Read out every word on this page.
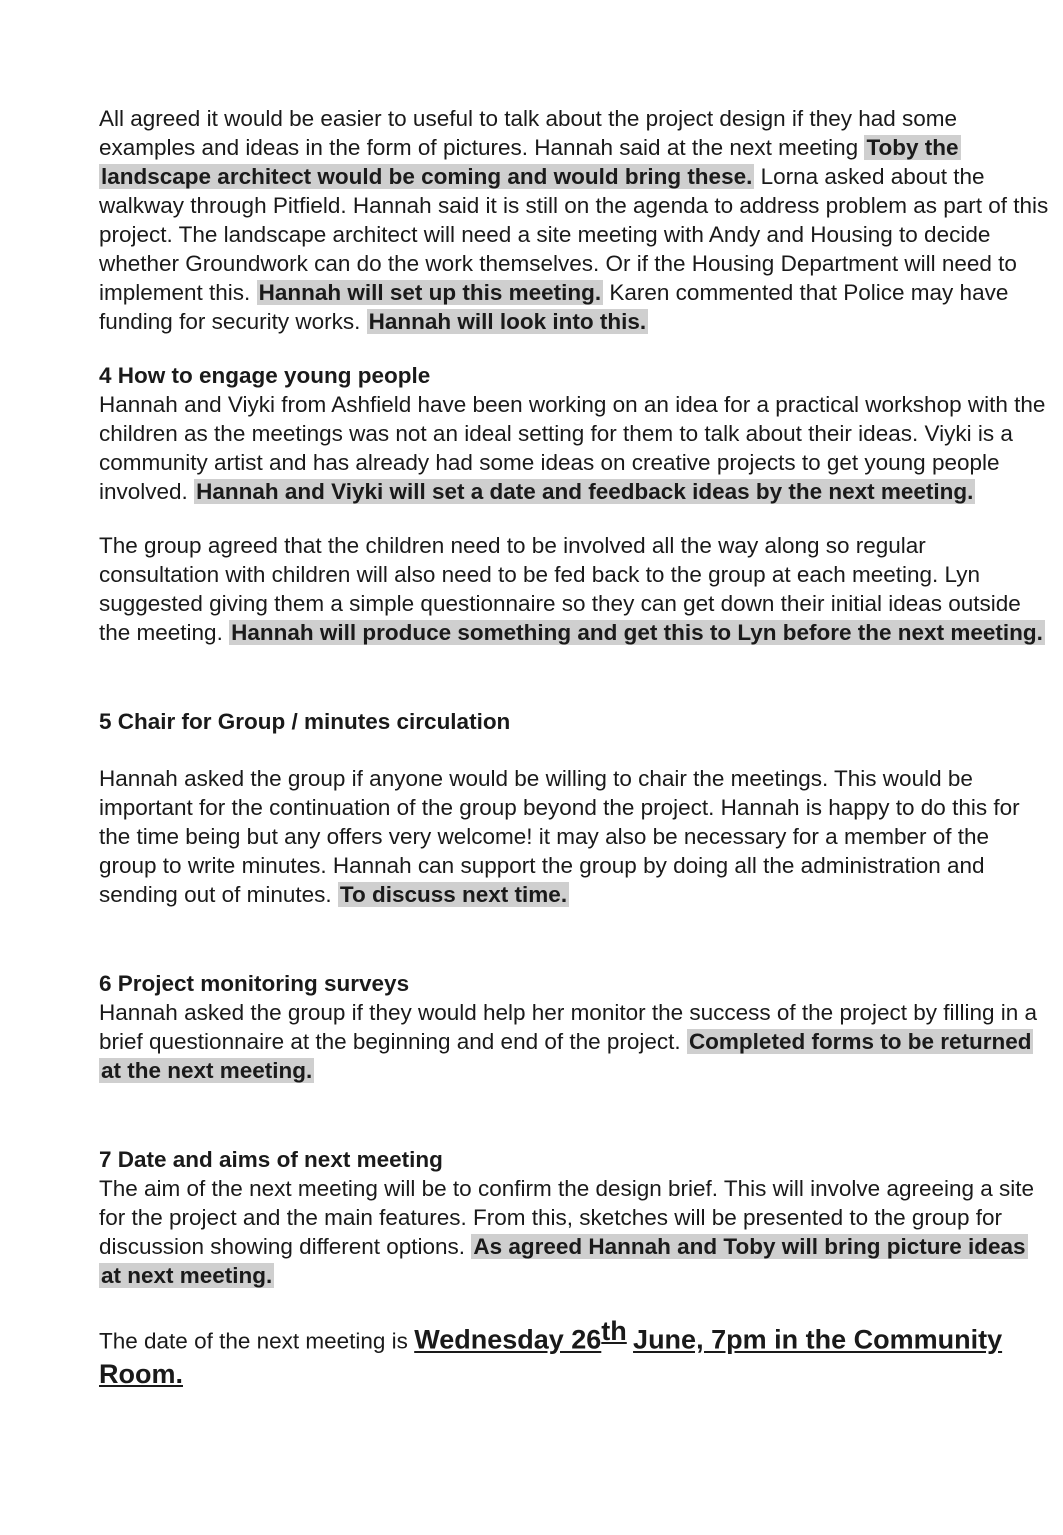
All agreed it would be easier to useful to talk about the project design if they had some examples and ideas in the form of pictures. Hannah said at the next meeting Toby the landscape architect would be coming and would bring these. Lorna asked about the walkway through Pitfield. Hannah said it is still on the agenda to address problem as part of this project. The landscape architect will need a site meeting with Andy and Housing to decide whether Groundwork can do the work themselves. Or if the Housing Department will need to implement this. Hannah will set up this meeting. Karen commented that Police may have funding for security works. Hannah will look into this.

4 How to engage young people

Hannah and Viyki from Ashfield have been working on an idea for a practical workshop with the children as the meetings was not an ideal setting for them to talk about their ideas. Viyki is a community artist and has already had some ideas on creative projects to get young people involved. Hannah and Viyki will set a date and feedback ideas by the next meeting.

The group agreed that the children need to be involved all the way along so regular consultation with children will also need to be fed back to the group at each meeting. Lyn suggested giving them a simple questionnaire so they can get down their initial ideas outside the meeting. Hannah will produce something and get this to Lyn before the next meeting.

5 Chair for Group / minutes circulation

Hannah asked the group if anyone would be willing to chair the meetings. This would be important for the continuation of the group beyond the project. Hannah is happy to do this for the time being but any offers very welcome! it may also be necessary for a member of the group to write minutes. Hannah can support the group by doing all the administration and sending out of minutes. To discuss next time.

6 Project monitoring surveys

Hannah asked the group if they would help her monitor the success of the project by filling in a brief questionnaire at the beginning and end of the project. Completed forms to be returned at the next meeting.

7 Date and aims of next meeting

The aim of the next meeting will be to confirm the design brief. This will involve agreeing a site for the project and the main features. From this, sketches will be presented to the group for discussion showing different options. As agreed Hannah and Toby will bring picture ideas at next meeting.

The date of the next meeting is Wednesday 26th June, 7pm in the Community Room.
